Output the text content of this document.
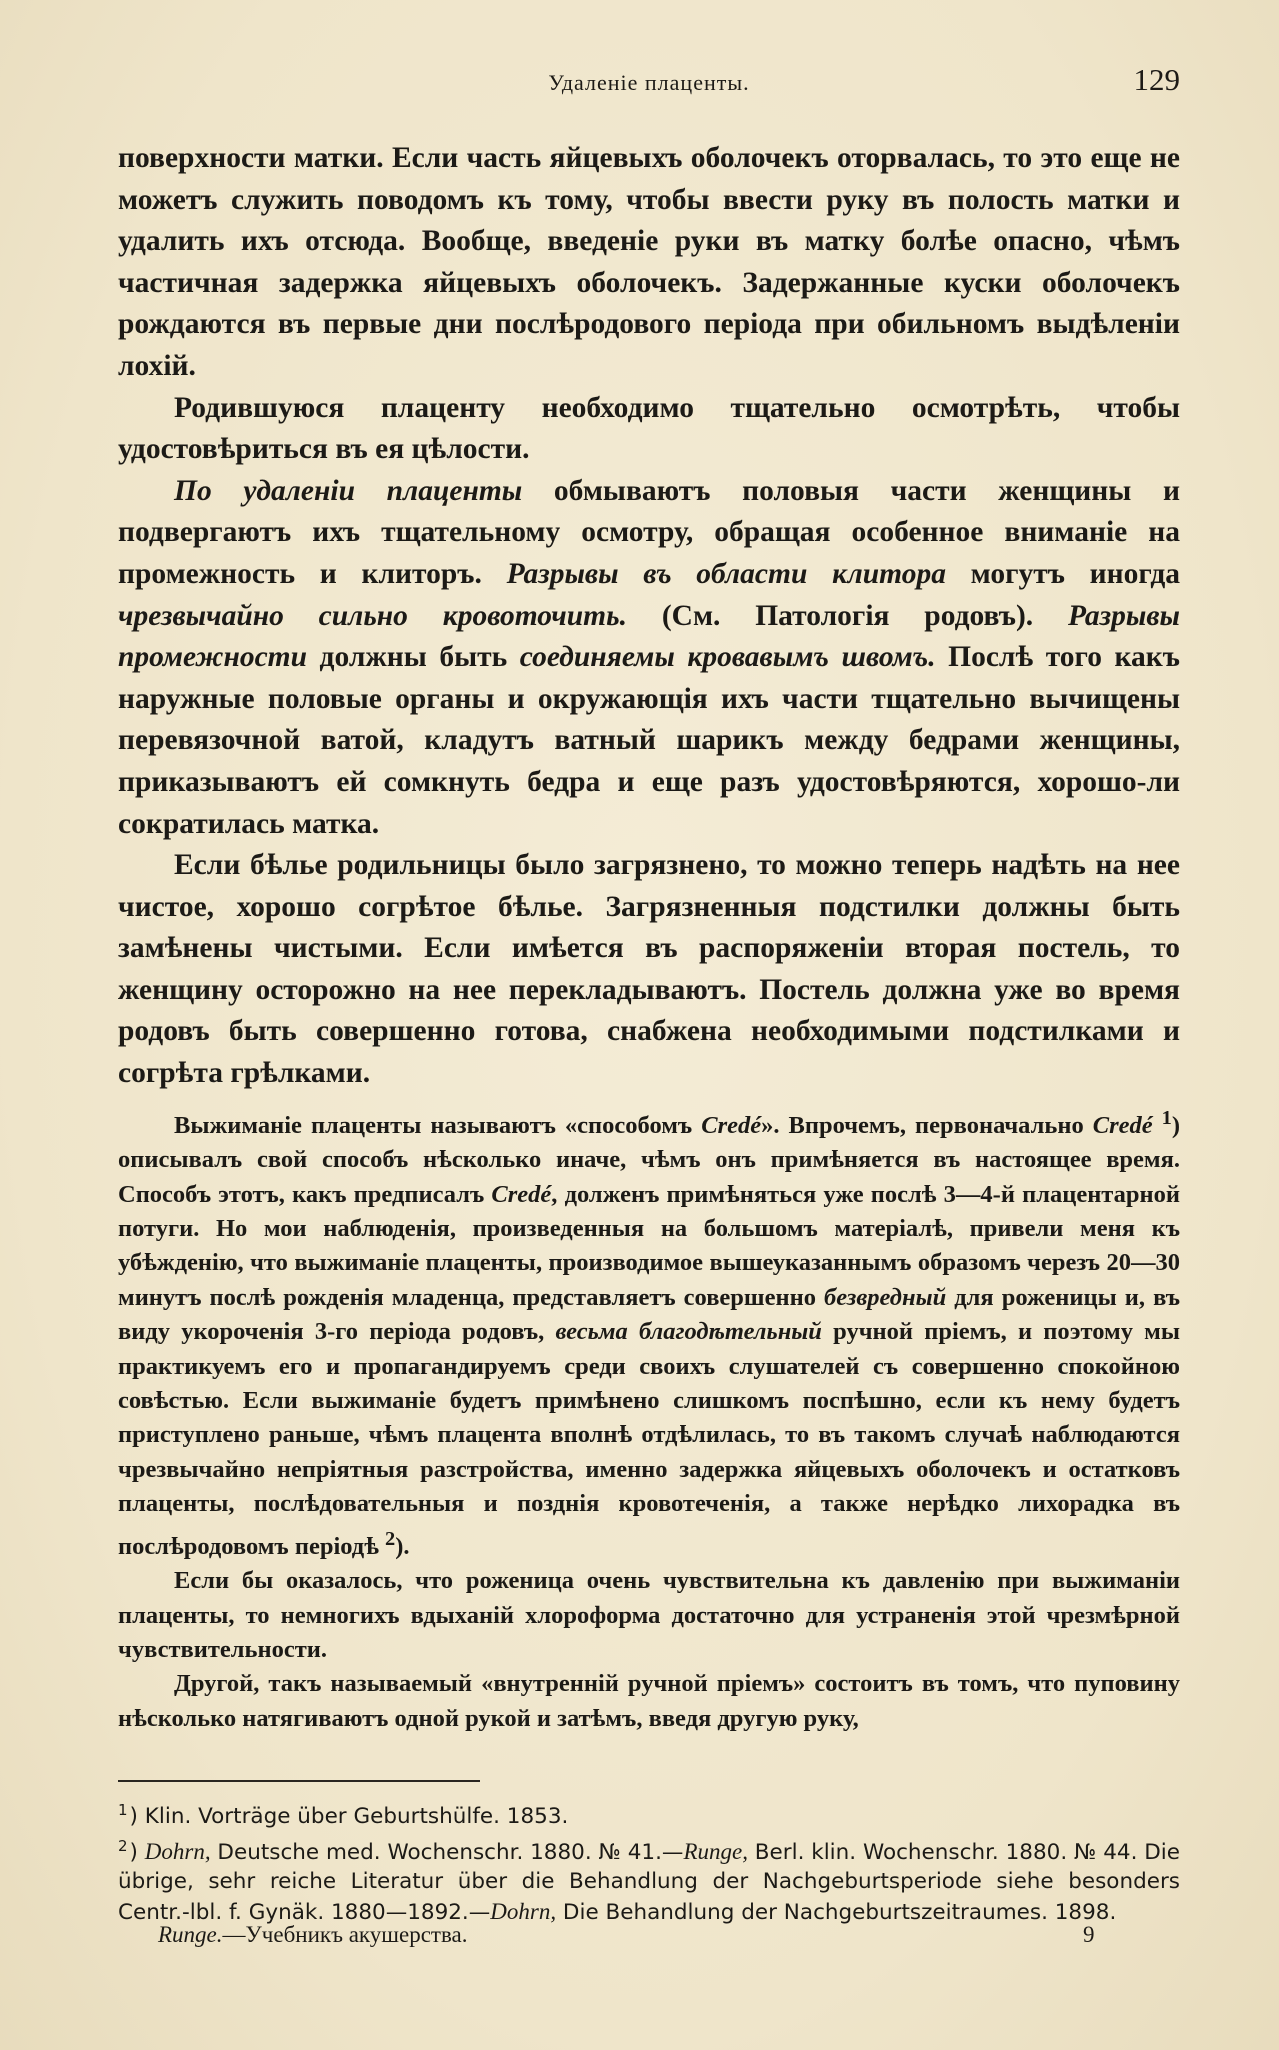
Удаленіе плаценты.	129

поверхности матки. Если часть яйцевыхъ оболочекъ оторвалась, то это еще не можетъ служить поводомъ къ тому, чтобы ввести руку въ полость матки и удалить ихъ отсюда. Вообще, введеніе руки въ матку болѣе опасно, чѣмъ частичная задержка яйцевыхъ оболочекъ. Задержанные куски оболочекъ рождаются въ первые дни послѣродового періода при обильномъ выдѣленіи лохій.

Родившуюся плаценту необходимо тщательно осмотрѣть, чтобы удостовѣриться въ ея цѣлости.

По удаленіи плаценты обмываютъ половыя части женщины и подвергаютъ ихъ тщательному осмотру, обращая особенное вниманіе на промежность и клиторъ. Разрывы въ области клитора могутъ иногда чрезвычайно сильно кровоточить. (См. Патологія родовъ). Разрывы промежности должны быть соединяемы кровавымъ швомъ. Послѣ того какъ наружные половые органы и окружающія ихъ части тщательно вычищены перевязочной ватой, кладутъ ватный шарикъ между бедрами женщины, приказываютъ ей сомкнуть бедра и еще разъ удостовѣряются, хорошо-ли сократилась матка.

Если бѣлье родильницы было загрязнено, то можно теперь надѣть на нее чистое, хорошо согрѣтое бѣлье. Загрязненныя подстилки должны быть замѣнены чистыми. Если имѣется въ распоряженіи вторая постель, то женщину осторожно на нее перекладываютъ. Постель должна уже во время родовъ быть совершенно готова, снабжена необходимыми подстилками и согрѣта грѣлками.

Выжиманіе плаценты называютъ «способомъ Credé». Впрочемъ, первоначально Credé $^1$) описывалъ свой способъ нѣсколько иначе, чѣмъ онъ примѣняется въ настоящее время. Способъ этотъ, какъ предписалъ Credé, долженъ примѣняться уже послѣ 3—4-й плацентарной потуги. Но мои наблюденія, произведенныя на большомъ матеріалѣ, привели меня къ убѣжденію, что выжиманіе плаценты, производимое вышеуказаннымъ образомъ черезъ 20—30 минутъ послѣ рожденія младенца, представляетъ совершенно безвредный для роженицы и, въ виду укороченія 3-го періода родовъ, весьма благодѣтельный ручной пріемъ, и поэтому мы практикуемъ его и пропагандируемъ среди своихъ слушателей съ совершенно спокойною совѣстью. Если выжиманіе будетъ примѣнено слишкомъ поспѣшно, если къ нему будетъ приступлено раньше, чѣмъ плацента вполнѣ отдѣлилась, то въ такомъ случаѣ наблюдаются чрезвычайно непріятныя разстройства, именно задержка яйцевыхъ оболочекъ и остатковъ плаценты, послѣдовательныя и позднія кровотеченія, а также нерѣдко лихорадка въ послѣродовомъ періодѣ $^2$).

Если бы оказалось, что роженица очень чувствительна къ давленію при выжиманіи плаценты, то немногихъ вдыханій хлороформа достаточно для устраненія этой чрезмѣрной чувствительности.

Другой, такъ называемый «внутренній ручной пріемъ» состоитъ въ томъ, что пуповину нѣсколько натягиваютъ одной рукой и затѣмъ, введя другую руку,

$^1$) Klin. Vorträge über Geburtshülfe. 1853.

$^2$) Dohrn, Deutsche med. Wochenschr. 1880. № 41.—Runge, Berl. klin. Wochenschr. 1880. № 44. Die übrige, sehr reiche Literatur über die Behandlung der Nachgeburtsperiode siehe besonders Centr.-lbl. f. Gynäk. 1880—1892.—Dohrn, Die Behandlung der Nachgeburtszeitraumes. 1898.

Runge.—Учебникъ акушерства.	9
